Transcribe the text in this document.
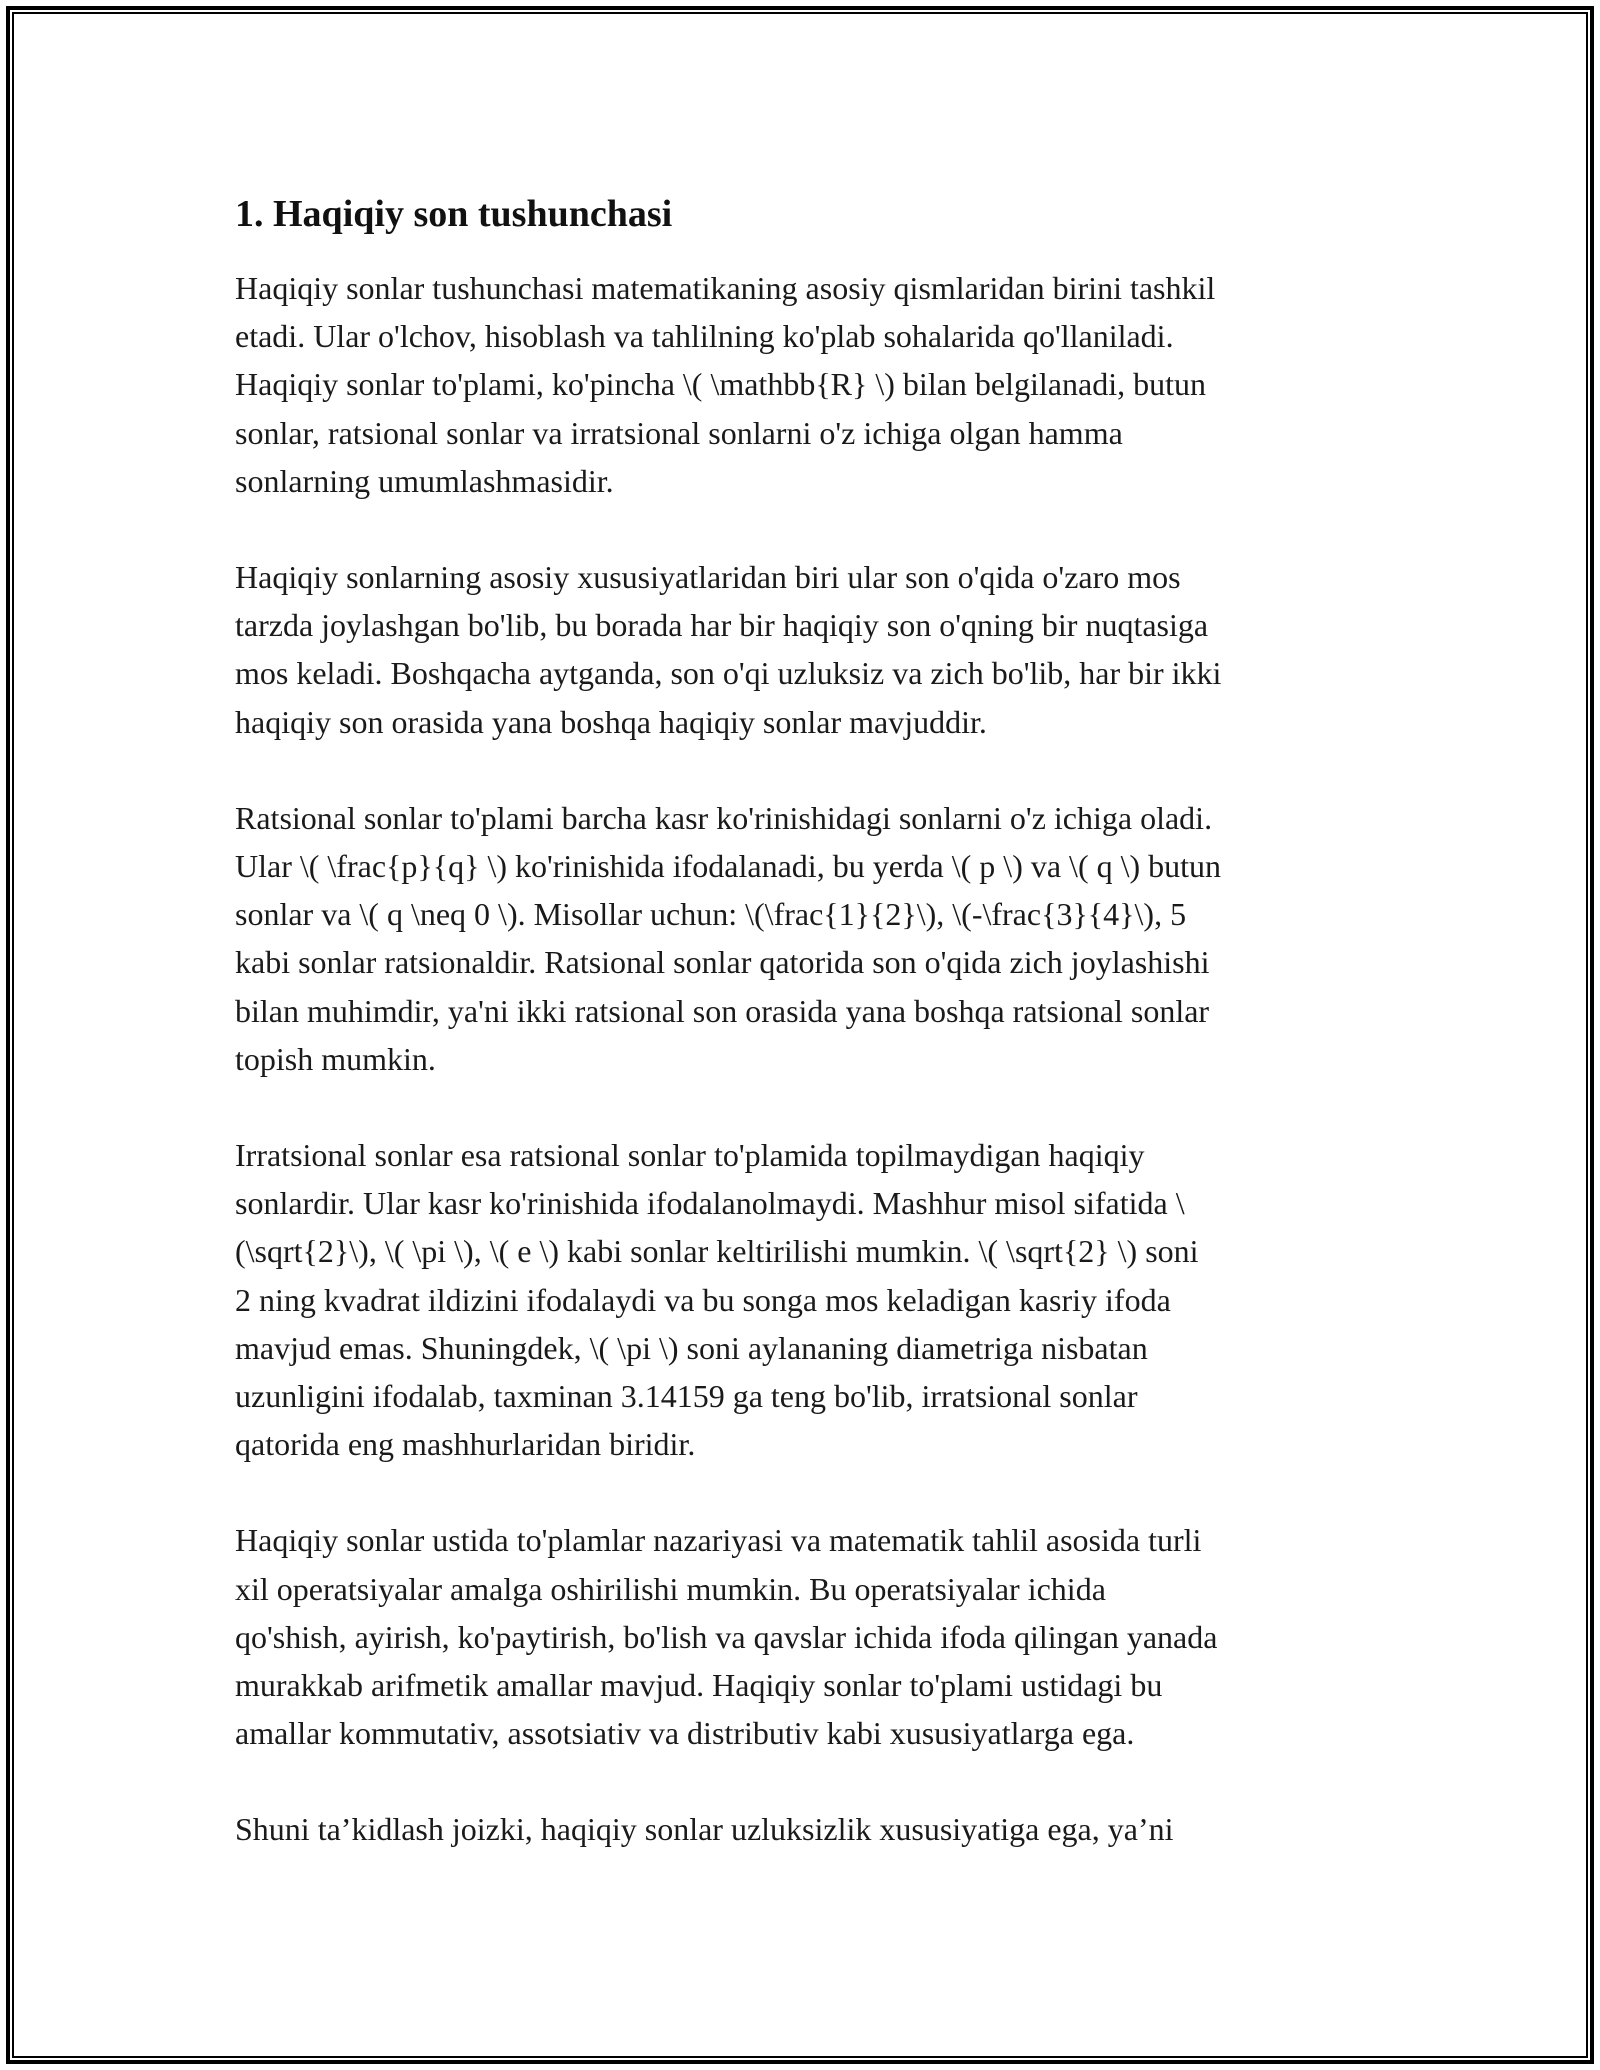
1. Haqiqiy son tushunchasi

Haqiqiy sonlar tushunchasi matematikaning asosiy qismlaridan birini tashkil
etadi. Ular o'lchov, hisoblash va tahlilning ko'plab sohalarida qo'llaniladi.
Haqiqiy sonlar to'plami, ko'pincha \( \mathbb{R} \) bilan belgilanadi, butun
sonlar, ratsional sonlar va irratsional sonlarni o'z ichiga olgan hamma
sonlarning umumlashmasidir.

Haqiqiy sonlarning asosiy xususiyatlaridan biri ular son o'qida o'zaro mos
tarzda joylashgan bo'lib, bu borada har bir haqiqiy son o'qning bir nuqtasiga
mos keladi. Boshqacha aytganda, son o'qi uzluksiz va zich bo'lib, har bir ikki
haqiqiy son orasida yana boshqa haqiqiy sonlar mavjuddir.

Ratsional sonlar to'plami barcha kasr ko'rinishidagi sonlarni o'z ichiga oladi.
Ular \( \frac{p}{q} \) ko'rinishida ifodalanadi, bu yerda \( p \) va \( q \) butun
sonlar va \( q \neq 0 \). Misollar uchun: \(\frac{1}{2}\), \(-\frac{3}{4}\), 5
kabi sonlar ratsionaldir. Ratsional sonlar qatorida son o'qida zich joylashishi
bilan muhimdir, ya'ni ikki ratsional son orasida yana boshqa ratsional sonlar
topish mumkin.

Irratsional sonlar esa ratsional sonlar to'plamida topilmaydigan haqiqiy
sonlardir. Ular kasr ko'rinishida ifodalanolmaydi. Mashhur misol sifatida \
(\sqrt{2}\), \( \pi \), \( e \) kabi sonlar keltirilishi mumkin. \( \sqrt{2} \) soni
2 ning kvadrat ildizini ifodalaydi va bu songa mos keladigan kasriy ifoda
mavjud emas. Shuningdek, \( \pi \) soni aylananing diametriga nisbatan
uzunligini ifodalab, taxminan 3.14159 ga teng bo'lib, irratsional sonlar
qatorida eng mashhurlaridan biridir.

Haqiqiy sonlar ustida to'plamlar nazariyasi va matematik tahlil asosida turli
xil operatsiyalar amalga oshirilishi mumkin. Bu operatsiyalar ichida
qo'shish, ayirish, ko'paytirish, bo'lish va qavslar ichida ifoda qilingan yanada
murakkab arifmetik amallar mavjud. Haqiqiy sonlar to'plami ustidagi bu
amallar kommutativ, assotsiativ va distributiv kabi xususiyatlarga ega.

Shuni ta’kidlash joizki, haqiqiy sonlar uzluksizlik xususiyatiga ega, ya’ni
